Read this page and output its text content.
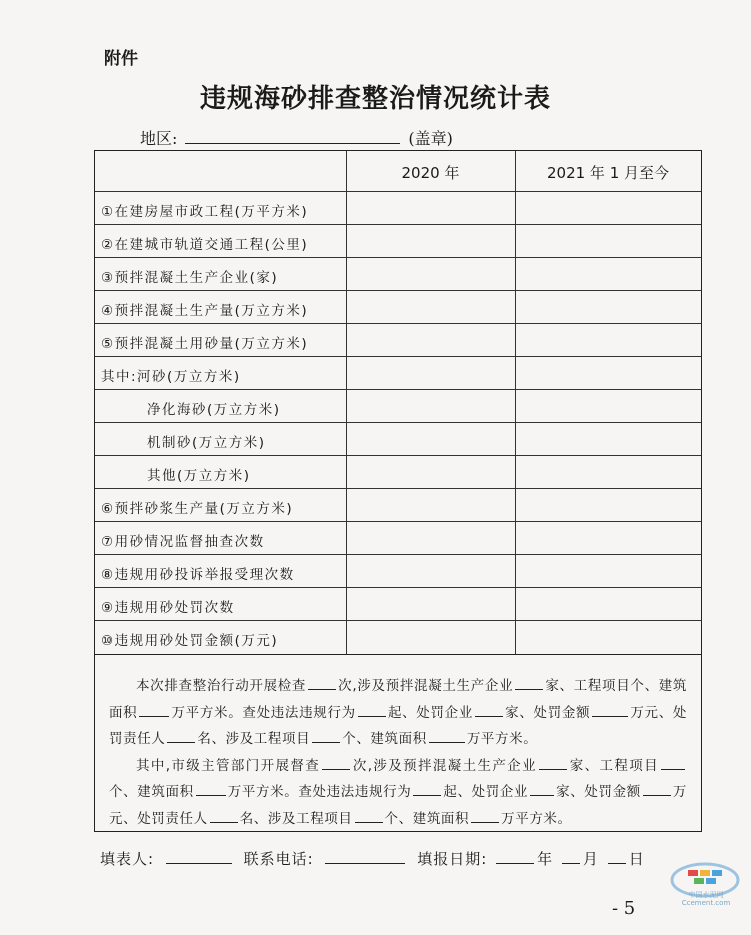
附件
违规海砂排查整治情况统计表
地区:	(盖章)
2020 年	2021 年 1 月至今
①在建房屋市政工程(万平方米)
②在建城市轨道交通工程(公里)
③预拌混凝土生产企业(家)
④预拌混凝土生产量(万立方米)
⑤预拌混凝土用砂量(万立方米)
其中:河砂(万立方米)
净化海砂(万立方米)
机制砂(万立方米)
其他(万立方米)
⑥预拌砂浆生产量(万立方米)
⑦用砂情况监督抽查次数
⑧违规用砂投诉举报受理次数
⑨违规用砂处罚次数
⑩违规用砂处罚金额(万元)

本次排查整治行动开展检查 次,涉及预拌混凝土生产企业 家、工程项目个、建筑面积	万平方米。查处违法违规行为 起、处罚企业 家、处罚金额	万元、处罚责任人 名、涉及工程项目 个、建筑面积	万平方米。

其中,市级主管部门开展督查 次,涉及预拌混凝土生产企业 家、工程项目个、建筑面积	万平方米。查处违法违规行为 起、处罚企业 家、处罚金额 万元、处罚责任人 名、涉及工程项目 个、建筑面积 万平方米。

填表人:	联系电话:	填报日期:	年 月 日
中国水泥网
Ccement.com
- 5
